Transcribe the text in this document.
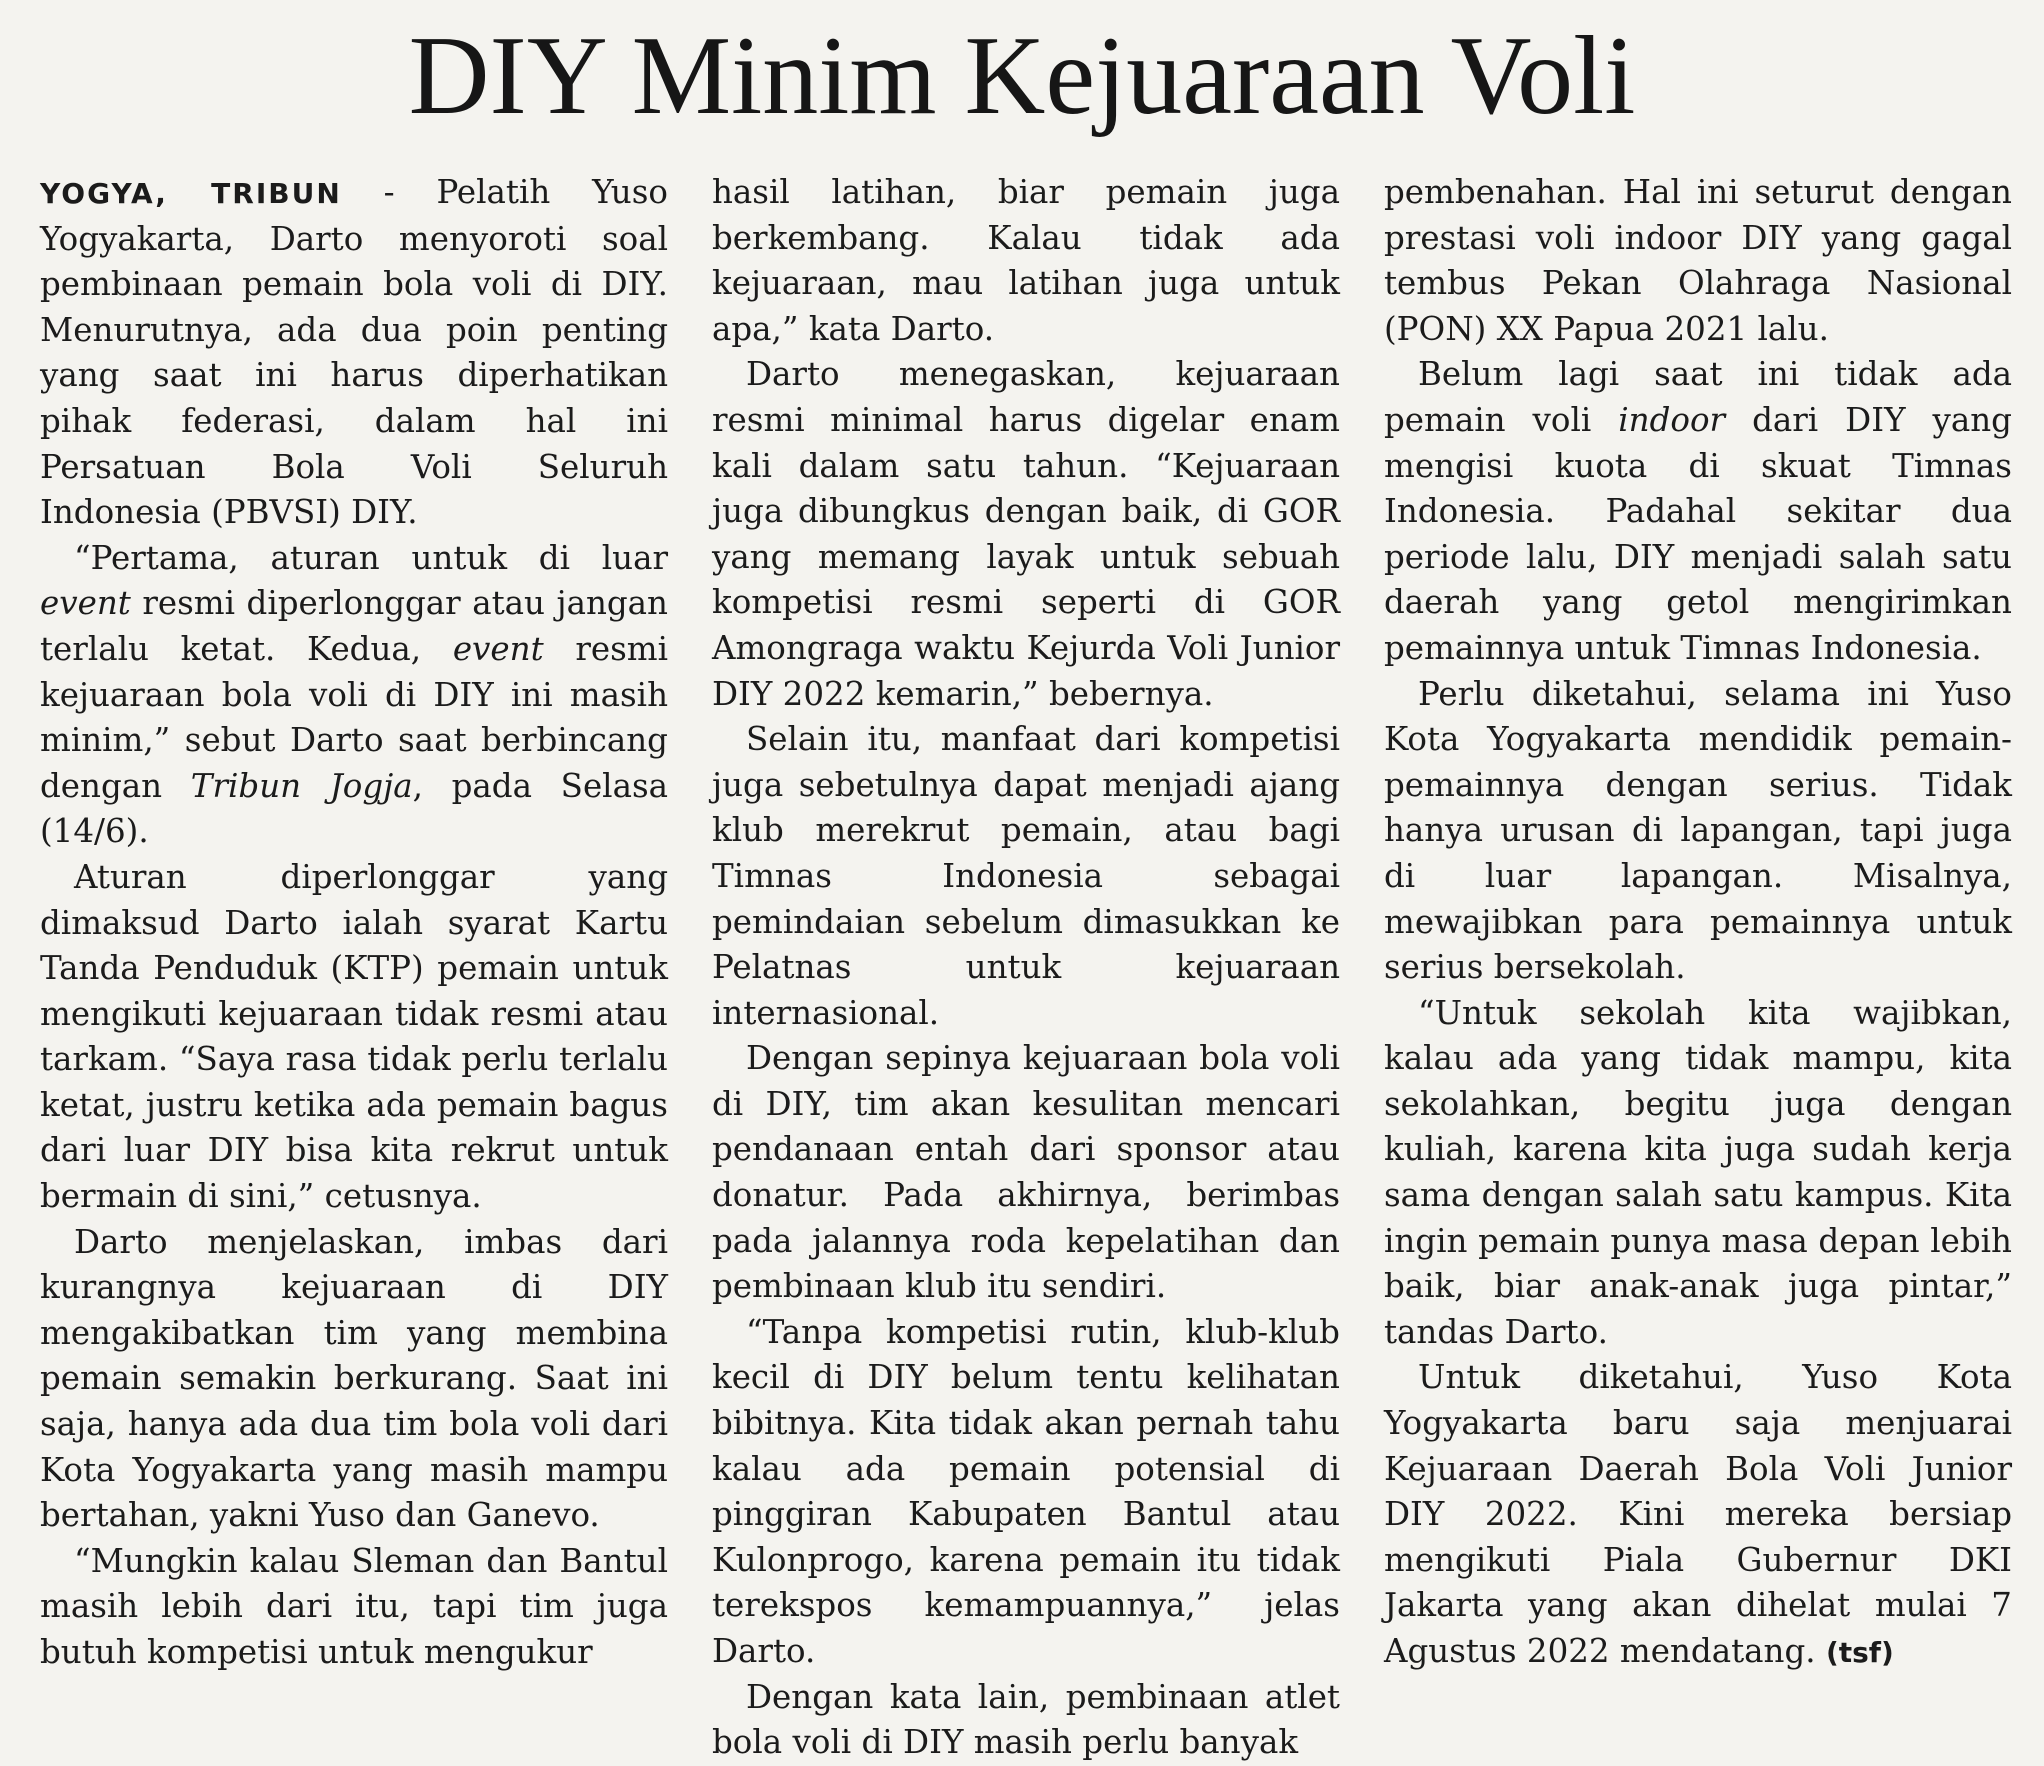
DIY Minim Kejuaraan Voli

YOGYA, TRIBUN - Pelatih Yuso Yogyakarta, Darto menyoroti soal pembinaan pemain bola voli di DIY. Menurutnya, ada dua poin penting yang saat ini harus diperhatikan pihak federasi, dalam hal ini Persatuan Bola Voli Seluruh Indonesia (PBVSI) DIY.

“Pertama, aturan untuk di luar event resmi diperlonggar atau jangan terlalu ketat. Kedua, event resmi kejuaraan bola voli di DIY ini masih minim,” sebut Darto saat berbincang dengan Tribun Jogja, pada Selasa (14/6).

Aturan diperlonggar yang dimaksud Darto ialah syarat Kartu Tanda Penduduk (KTP) pemain untuk mengikuti kejuaraan tidak resmi atau tarkam. “Saya rasa tidak perlu terlalu ketat, justru ketika ada pemain bagus dari luar DIY bisa kita rekrut untuk bermain di sini,” cetusnya.

Darto menjelaskan, imbas dari kurangnya kejuaraan di DIY mengakibatkan tim yang membina pemain semakin berkurang. Saat ini saja, hanya ada dua tim bola voli dari Kota Yogyakarta yang masih mampu bertahan, yakni Yuso dan Ganevo.

“Mungkin kalau Sleman dan Bantul masih lebih dari itu, tapi tim juga butuh kompetisi untuk mengukur

hasil latihan, biar pemain juga berkembang. Kalau tidak ada kejuaraan, mau latihan juga untuk apa,” kata Darto.

Darto menegaskan, kejuaraan resmi minimal harus digelar enam kali dalam satu tahun. “Kejuaraan juga dibungkus dengan baik, di GOR yang memang layak untuk sebuah kompetisi resmi seperti di GOR Amongraga waktu Kejurda Voli Junior DIY 2022 kemarin,” bebernya.

Selain itu, manfaat dari kompetisi juga sebetulnya dapat menjadi ajang klub merekrut pemain, atau bagi Timnas Indonesia sebagai pemindaian sebelum dimasukkan ke Pelatnas untuk kejuaraan internasional.

Dengan sepinya kejuaraan bola voli di DIY, tim akan kesulitan mencari pendanaan entah dari sponsor atau donatur. Pada akhirnya, berimbas pada jalannya roda kepelatihan dan pembinaan klub itu sendiri.

“Tanpa kompetisi rutin, klub-klub kecil di DIY belum tentu kelihatan bibitnya. Kita tidak akan pernah tahu kalau ada pemain potensial di pinggiran Kabupaten Bantul atau Kulonprogo, karena pemain itu tidak terekspos kemampuannya,” jelas Darto.

Dengan kata lain, pembinaan atlet bola voli di DIY masih perlu banyak

pembenahan. Hal ini seturut dengan prestasi voli indoor DIY yang gagal tembus Pekan Olahraga Nasional (PON) XX Papua 2021 lalu.

Belum lagi saat ini tidak ada pemain voli indoor dari DIY yang mengisi kuota di skuat Timnas Indonesia. Padahal sekitar dua periode lalu, DIY menjadi salah satu daerah yang getol mengirimkan pemainnya untuk Timnas Indonesia.

Perlu diketahui, selama ini Yuso Kota Yogyakarta mendidik pemain-pemainnya dengan serius. Tidak hanya urusan di lapangan, tapi juga di luar lapangan. Misalnya, mewajibkan para pemainnya untuk serius bersekolah.

“Untuk sekolah kita wajibkan, kalau ada yang tidak mampu, kita sekolahkan, begitu juga dengan kuliah, karena kita juga sudah kerja sama dengan salah satu kampus. Kita ingin pemain punya masa depan lebih baik, biar anak-anak juga pintar,” tandas Darto.

Untuk diketahui, Yuso Kota Yogyakarta baru saja menjuarai Kejuaraan Daerah Bola Voli Junior DIY 2022. Kini mereka bersiap mengikuti Piala Gubernur DKI Jakarta yang akan dihelat mulai 7 Agustus 2022 mendatang. (tsf)
